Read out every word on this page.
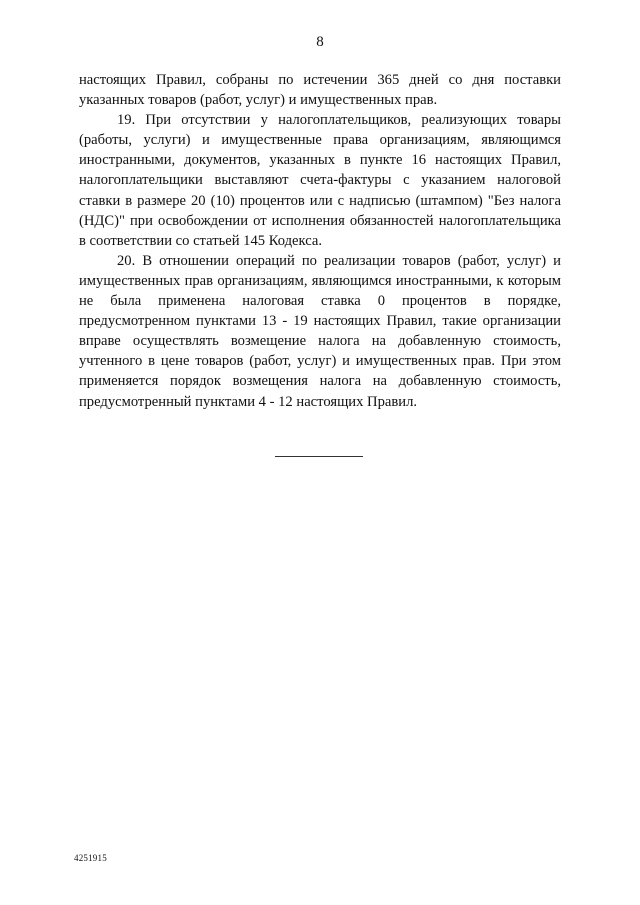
8

настоящих Правил, собраны по истечении 365 дней со дня поставки указанных товаров (работ, услуг) и имущественных прав.

19. При отсутствии у налогоплательщиков, реализующих товары (работы, услуги) и имущественные права организациям, являющимся иностранными, документов, указанных в пункте 16 настоящих Правил, налогоплательщики выставляют счета-фактуры с указанием налоговой ставки в размере 20 (10) процентов или с надписью (штампом) "Без налога (НДС)" при освобождении от исполнения обязанностей налогоплательщика в соответствии со статьей 145 Кодекса.

20. В отношении операций по реализации товаров (работ, услуг) и имущественных прав организациям, являющимся иностранными, к которым не была применена налоговая ставка 0 процентов в порядке, предусмотренном пунктами 13 - 19 настоящих Правил, такие организации вправе осуществлять возмещение налога на добавленную стоимость, учтенного в цене товаров (работ, услуг) и имущественных прав. При этом применяется порядок возмещения налога на добавленную стоимость, предусмотренный пунктами 4 - 12 настоящих Правил.

4251915
